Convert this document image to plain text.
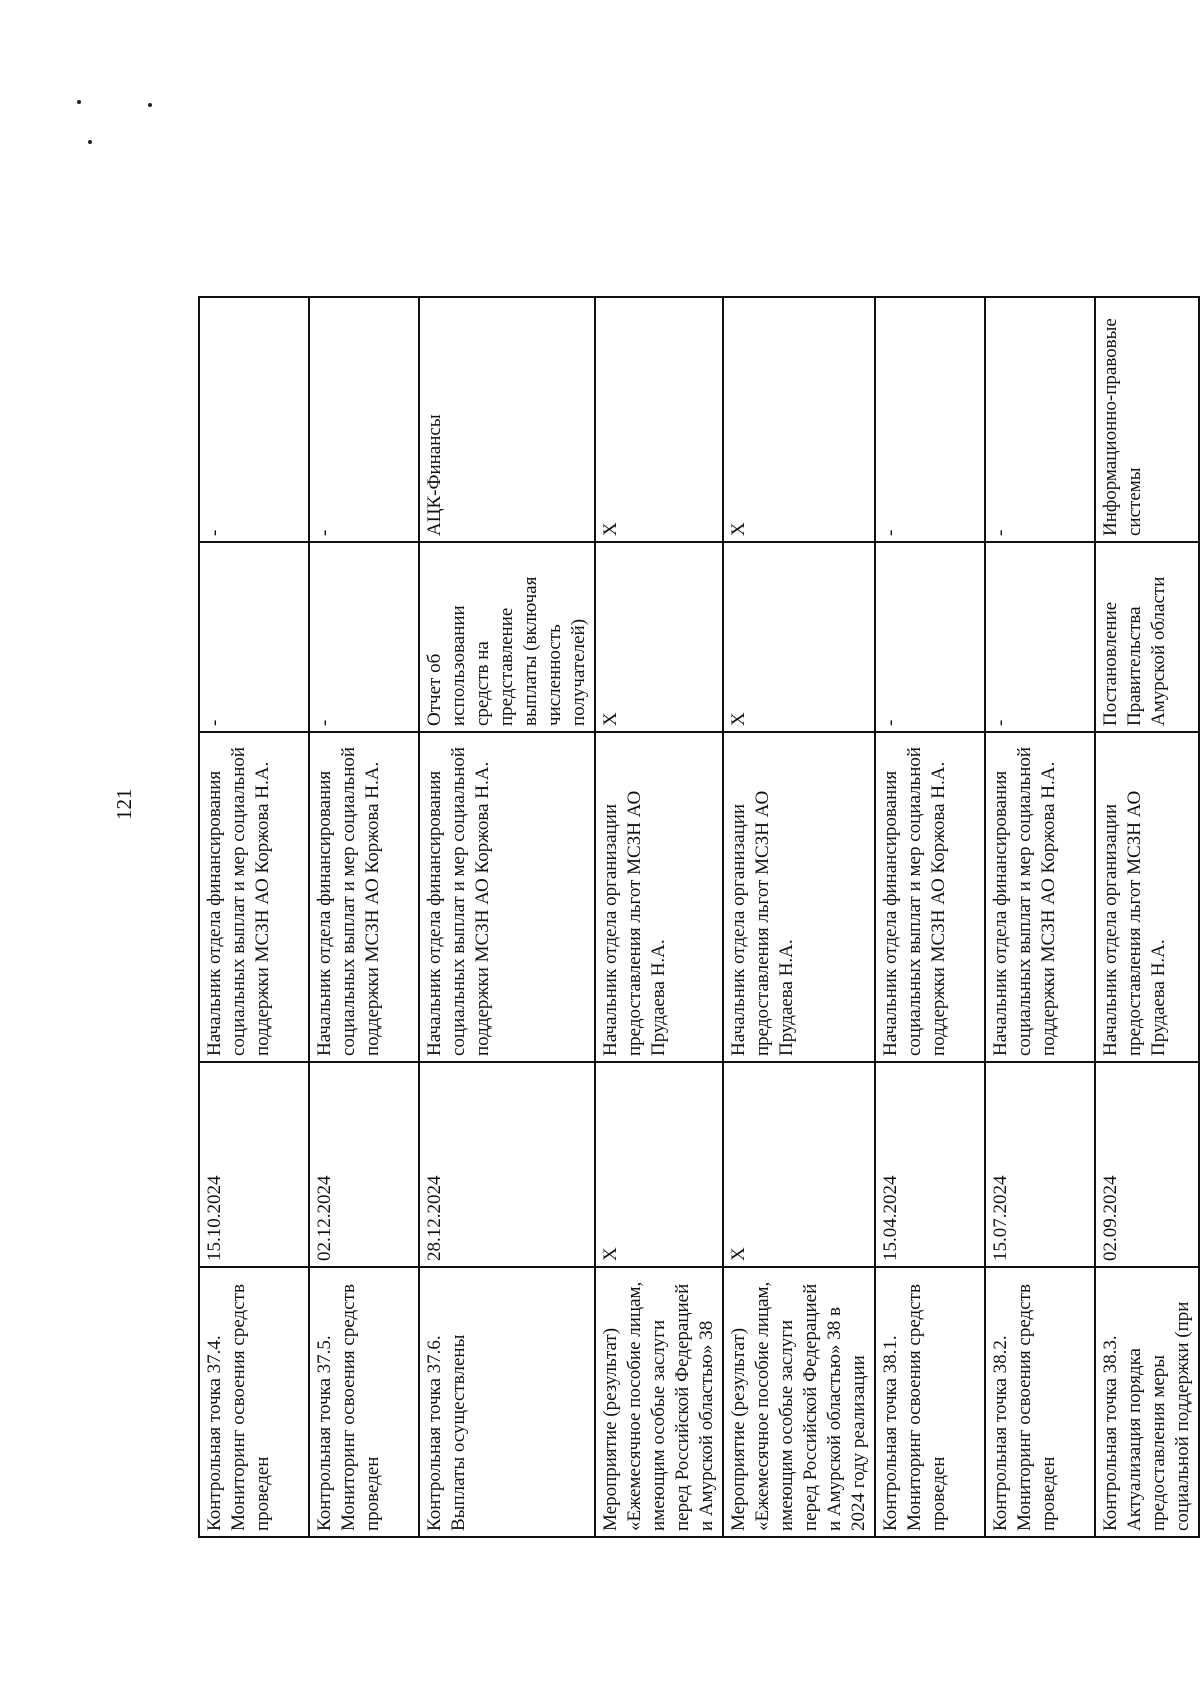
121
Контрольная точка 37.4. Мониторинг освоения средств проведен	15.10.2024	Начальник отдела финансирования социальных выплат и мер социальной поддержки МСЗН АО Коржова Н.А.	-	-
Контрольная точка 37.5. Мониторинг освоения средств проведен	02.12.2024	Начальник отдела финансирования социальных выплат и мер социальной поддержки МСЗН АО Коржова Н.А.	-	-
Контрольная точка 37.6. Выплаты осуществлены	28.12.2024	Начальник отдела финансирования социальных выплат и мер социальной поддержки МСЗН АО Коржова Н.А.	Отчет об использовании средств на представление выплаты (включая численность получателей)	АЦК-Финансы
Мероприятие (результат) «Ежемесячное пособие лицам, имеющим особые заслуги перед Российской Федерацией и Амурской областью» 38	X	Начальник отдела организации предоставления льгот МСЗН АО Прудаева Н.А.	X	X
Мероприятие (результат) «Ежемесячное пособие лицам, имеющим особые заслуги перед Российской Федерацией и Амурской областью» 38 в 2024 году реализации	X	Начальник отдела организации предоставления льгот МСЗН АО Прудаева Н.А.	X	X
Контрольная точка 38.1. Мониторинг освоения средств проведен	15.04.2024	Начальник отдела финансирования социальных выплат и мер социальной поддержки МСЗН АО Коржова Н.А.	-	-
Контрольная точка 38.2. Мониторинг освоения средств проведен	15.07.2024	Начальник отдела финансирования социальных выплат и мер социальной поддержки МСЗН АО Коржова Н.А.	-	-
Контрольная точка 38.3. Актуализация порядка предоставления меры социальной поддержки (при	02.09.2024	Начальник отдела организации предоставления льгот МСЗН АО Прудаева Н.А.	Постановление Правительства Амурской области	Информационно-правовые системы
